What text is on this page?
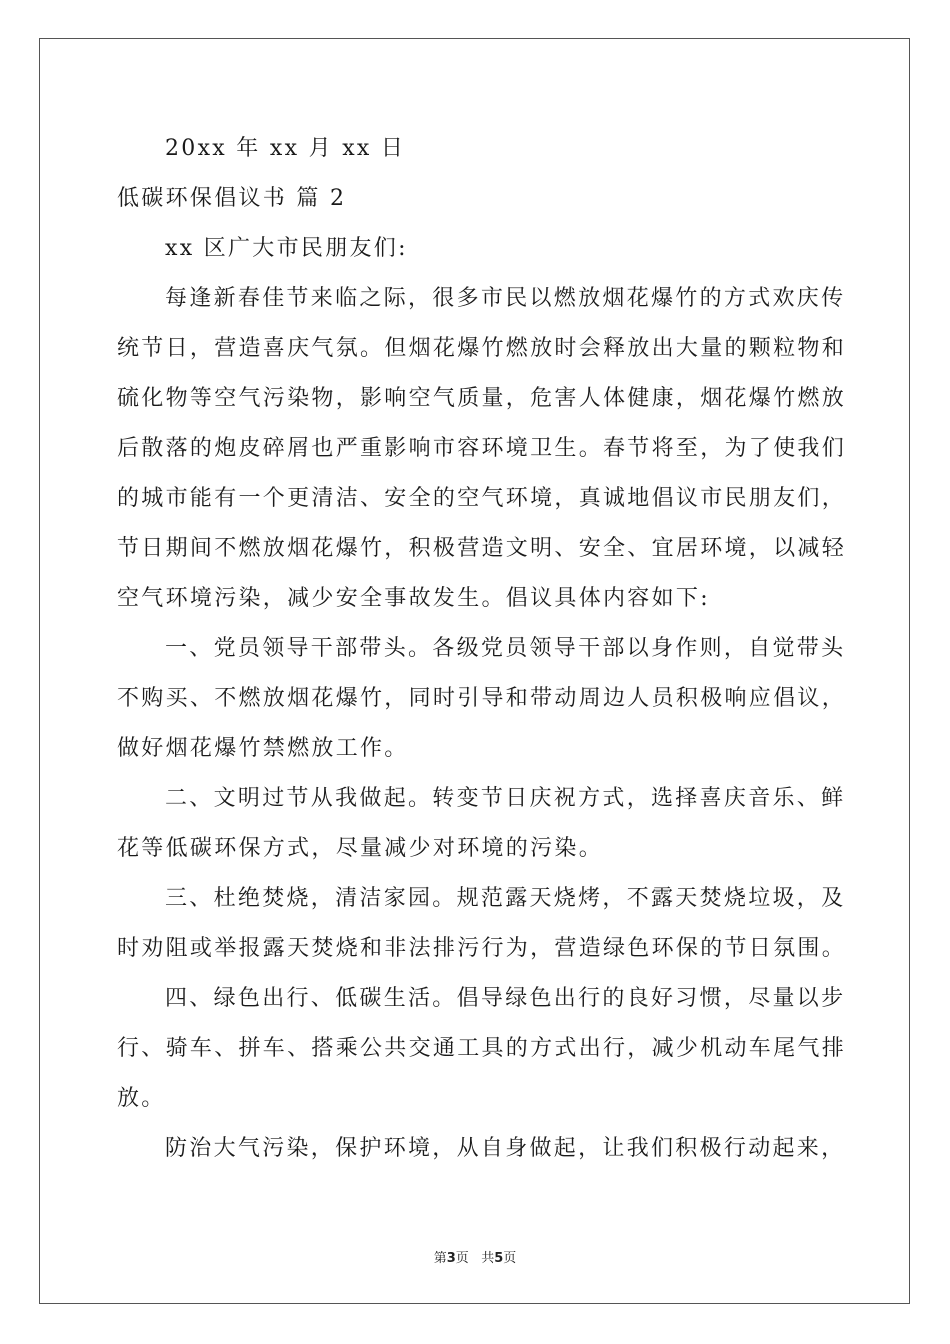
20xx 年 xx 月 xx 日
低碳环保倡议书 篇 2
xx 区广大市民朋友们:
每逢新春佳节来临之际，很多市民以燃放烟花爆竹的方式欢庆传
统节日，营造喜庆气氛。但烟花爆竹燃放时会释放出大量的颗粒物和
硫化物等空气污染物，影响空气质量，危害人体健康，烟花爆竹燃放
后散落的炮皮碎屑也严重影响市容环境卫生。春节将至，为了使我们
的城市能有一个更清洁、安全的空气环境，真诚地倡议市民朋友们，
节日期间不燃放烟花爆竹，积极营造文明、安全、宜居环境，以减轻
空气环境污染，减少安全事故发生。倡议具体内容如下:
一、党员领导干部带头。各级党员领导干部以身作则，自觉带头
不购买、不燃放烟花爆竹，同时引导和带动周边人员积极响应倡议，
做好烟花爆竹禁燃放工作。
二、文明过节从我做起。转变节日庆祝方式，选择喜庆音乐、鲜
花等低碳环保方式，尽量减少对环境的污染。
三、杜绝焚烧，清洁家园。规范露天烧烤，不露天焚烧垃圾，及
时劝阻或举报露天焚烧和非法排污行为，营造绿色环保的节日氛围。
四、绿色出行、低碳生活。倡导绿色出行的良好习惯，尽量以步
行、骑车、拼车、搭乘公共交通工具的方式出行，减少机动车尾气排
放。
防治大气污染，保护环境，从自身做起，让我们积极行动起来，
第3页 共5页
